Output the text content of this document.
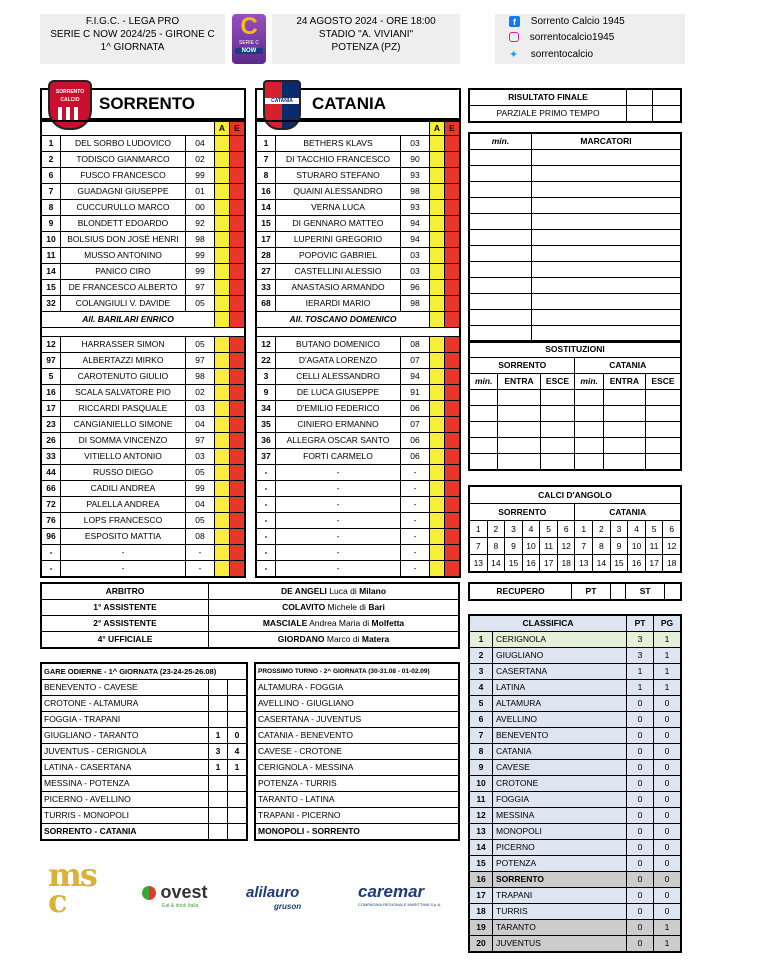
F.I.G.C. - LEGA PRO
SERIE C NOW 2024/25 - GIRONE C
1^ GIORNATA
C
SERIE C
NOW
24 AGOSTO 2024 - ORE 18:00
STADIO "A. VIVIANI"
POTENZA (PZ)
f Sorrento Calcio 1945
sorrentocalcio1945
✦ sorrentocalcio
SORRENTO CALCIO	SORRENTO	CATANIA	CATANIA
			A	E
1	DEL SORBO LUDOVICO	04		
2	TODISCO GIANMARCO	02		
6	FUSCO FRANCESCO	99		
7	GUADAGNI GIUSEPPE	01		
8	CUCCURULLO MARCO	00		
9	BLONDETT EDOARDO	92		
10	BOLSIUS DON JOSÉ HENRI	98		
11	MUSSO ANTONINO	99		
14	PANICO CIRO	99		
15	DE FRANCESCO ALBERTO	97		
32	COLANGIULI V. DAVIDE	05		
All. BARILARI ENRICO				

12	HARRASSER SIMON	05		
97	ALBERTAZZI MIRKO	97		
5	CAROTENUTO GIULIO	98		
16	SCALA SALVATORE PIO	02		
17	RICCARDI PASQUALE	03		
23	CANGIANIELLO SIMONE	04		
26	DI SOMMA VINCENZO	97		
33	VITIELLO ANTONIO	03		
44	RUSSO DIEGO	05		
66	CADILI ANDREA	99		
72	PALELLA ANDREA	04		
76	LOPS FRANCESCO	05		
96	ESPOSITO MATTIA	08		
-	-	-		
-	-	-		
			A	E
1	BETHERS KLAVS	03		
7	DI TACCHIO FRANCESCO	90		
8	STURARO STEFANO	93		
16	QUAINI ALESSANDRO	98		
14	VERNA LUCA	93		
15	DI GENNARO MATTEO	94		
17	LUPERINI GREGORIO	94		
28	POPOVIC GABRIEL	03		
27	CASTELLINI ALESSIO	03		
33	ANASTASIO ARMANDO	96		
68	IERARDI MARIO	98		
All. TOSCANO DOMENICO				

12	BUTANO DOMENICO	08		
22	D'AGATA LORENZO	07		
3	CELLI ALESSANDRO	94		
9	DE LUCA GIUSEPPE	91		
34	D'EMILIO FEDERICO	06		
35	CINIERO ERMANNO	07		
36	ALLEGRA OSCAR SANTO	06		
37	FORTI CARMELO	06		
-	-	-		
-	-	-		
-	-	-		
-	-	-		
-	-	-		
-	-	-		
-	-	-		
RISULTATO FINALE		
PARZIALE PRIMO TEMPO		
min.	MARCATORI

SOSTITUZIONI					
SORRENTO			CATANIA		
min.	ENTRA	ESCE	min.	ENTRA	ESCE

CALCI D'ANGOLO											
SORRENTO						CATANIA					
1	2	3	4	5	6	1	2	3	4	5	6
7	8	9	10	11	12	7	8	9	10	11	12
13	14	15	16	17	18	13	14	15	16	17	18
ARBITRO	DE ANGELI Luca di Milano
1° ASSISTENTE	COLAVITO Michele di Bari
2° ASSISTENTE	MASCIALE Andrea Maria di Molfetta
4° UFFICIALE	GIORDANO Marco di Matera
RECUPERO	PT		ST	
GARE ODIERNE - 1^ GIORNATA (23-24-25-26.08)		
BENEVENTO - CAVESE		
CROTONE - ALTAMURA		
FOGGIA - TRAPANI		
GIUGLIANO - TARANTO	1	0
JUVENTUS - CERIGNOLA	3	4
LATINA - CASERTANA	1	1
MESSINA - POTENZA		
PICERNO - AVELLINO		
TURRIS - MONOPOLI		
SORRENTO - CATANIA		
PROSSIMO TURNO - 2^ GIORNATA (30-31.08 - 01-02.09)
ALTAMURA - FOGGIA
AVELLINO - GIUGLIANO
CASERTANA - JUVENTUS
CATANIA - BENEVENTO
CAVESE - CROTONE
CERIGNOLA - MESSINA
POTENZA - TURRIS
TARANTO - LATINA
TRAPANI - PICERNO
MONOPOLI - SORRENTO
CLASSIFICA		PT	PG
1	CERIGNOLA	3	1
2	GIUGLIANO	3	1
3	CASERTANA	1	1
4	LATINA	1	1
5	ALTAMURA	0	0
6	AVELLINO	0	0
7	BENEVENTO	0	0
8	CATANIA	0	0
9	CAVESE	0	0
10	CROTONE	0	0
11	FOGGIA	0	0
12	MESSINA	0	0
13	MONOPOLI	0	0
14	PICERNO	0	0
15	POTENZA	0	0
16	SORRENTO	0	0
17	TRAPANI	0	0
18	TURRIS	0	0
19	TARANTO	0	1
20	JUVENTUS	0	1
msc	ovest
Eat & drink Italia
alilauro
gruson
caremar
COMPAGNIA REGIONALE MARITTIMA S.p.A.
